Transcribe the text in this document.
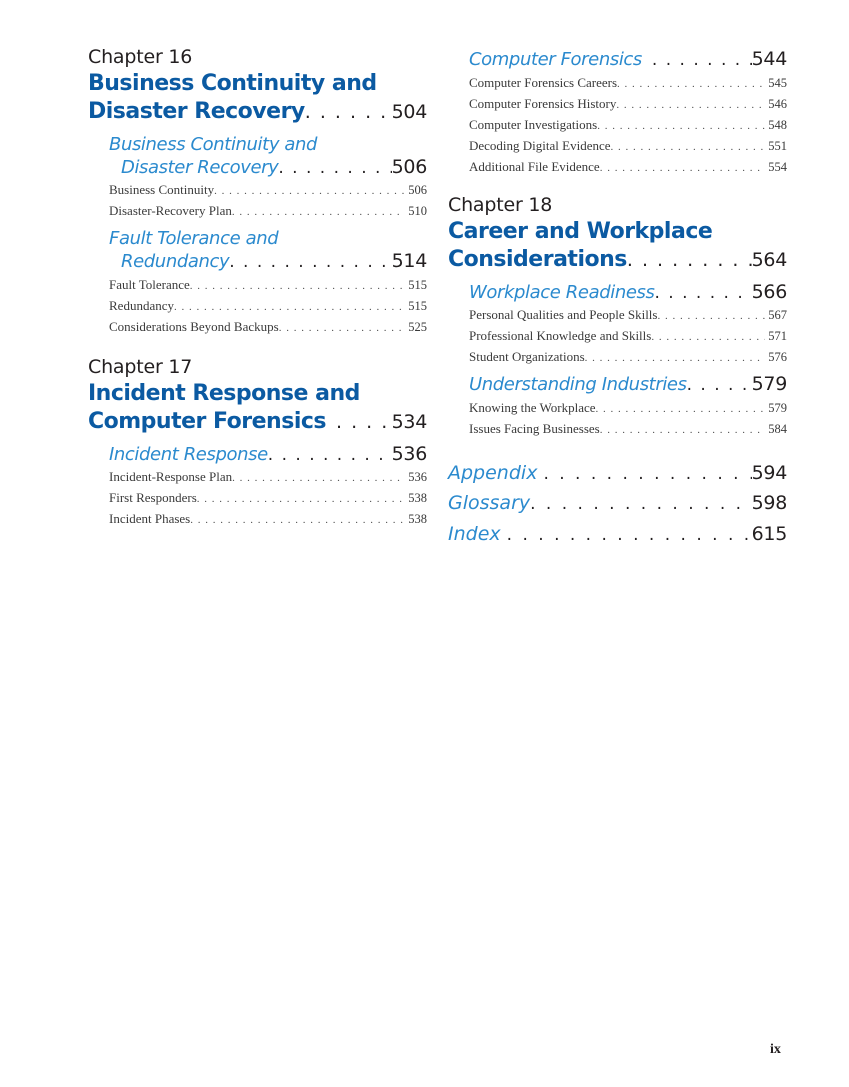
Chapter 16
Business Continuity and
Disaster Recovery . . .	504
Business Continuity and
Disaster Recovery . . .	506
Business Continuity . . .	506
Disaster-Recovery Plan . . .	510
Fault Tolerance and
Redundancy . . .	514
Fault Tolerance . . .	515
Redundancy . . .	515
Considerations Beyond Backups . . .	525
Chapter 17
Incident Response and
Computer Forensics . . .	534
Incident Response . . .	536
Incident-Response Plan . . .	536
First Responders . . .	538
Incident Phases . . .	538
Computer Forensics . . .	544
Computer Forensics Careers . . .	545
Computer Forensics History . . .	546
Computer Investigations . . .	548
Decoding Digital Evidence . . .	551
Additional File Evidence . . .	554
Chapter 18
Career and Workplace
Considerations . . .	564
Workplace Readiness . . .	566
Personal Qualities and People Skills . . .	567
Professional Knowledge and Skills . . .	571
Student Organizations . . .	576
Understanding Industries . . .	579
Knowing the Workplace . . .	579
Issues Facing Businesses . . .	584
Appendix . . .	594
Glossary . . .	598
Index . . .	615
ix
